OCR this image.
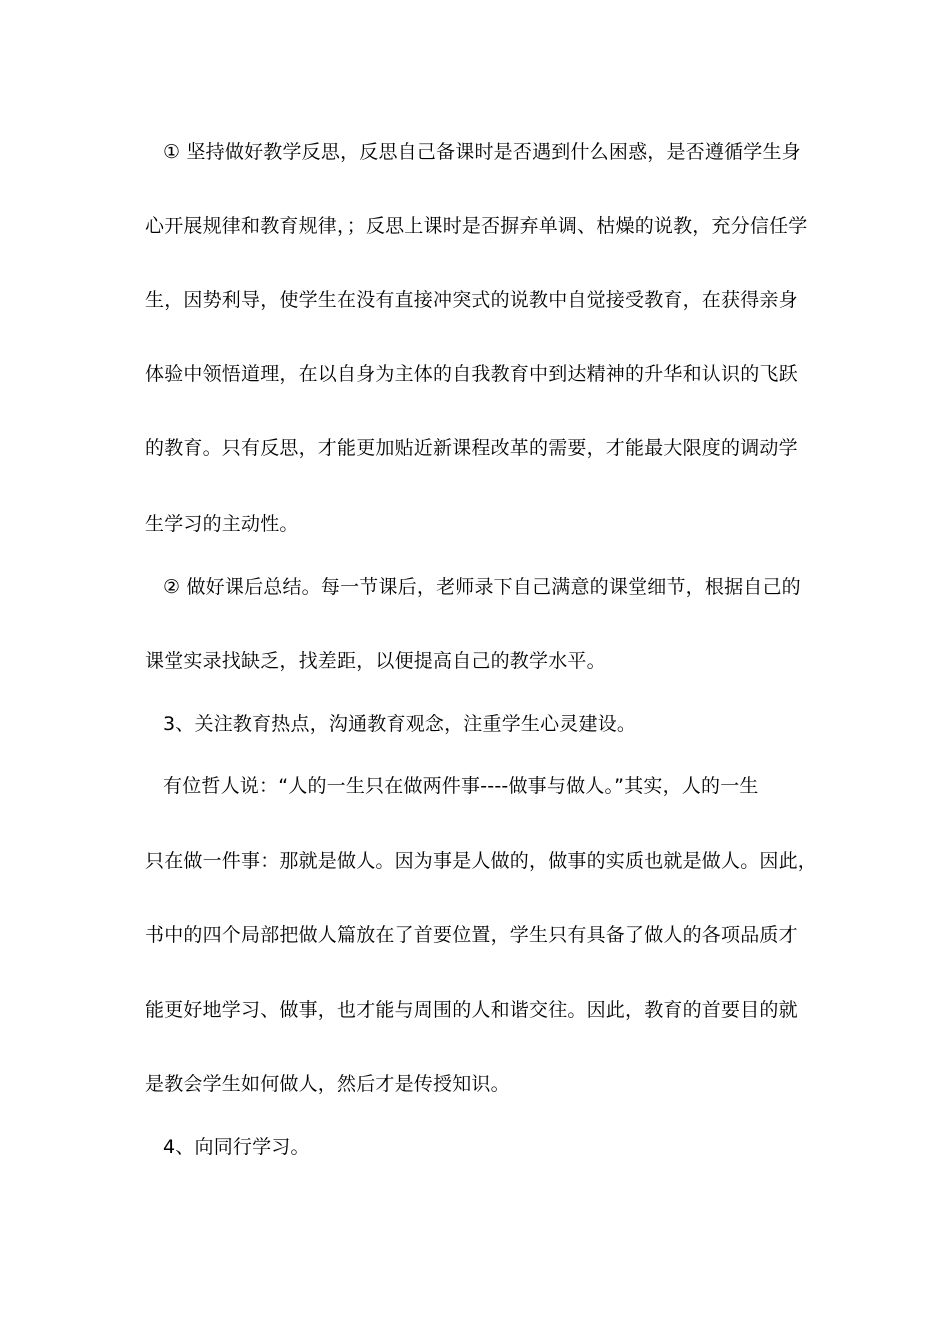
① 坚持做好教学反思，反思自己备课时是否遇到什么困惑，是否遵循学生身
心开展规律和教育规律，；反思上课时是否摒弃单调、枯燥的说教，充分信任学
生，因势利导，使学生在没有直接冲突式的说教中自觉接受教育，在获得亲身
体验中领悟道理，在以自身为主体的自我教育中到达精神的升华和认识的飞跃
的教育。只有反思，才能更加贴近新课程改革的需要，才能最大限度的调动学
生学习的主动性。
② 做好课后总结。每一节课后，老师录下自己满意的课堂细节，根据自己的
课堂实录找缺乏，找差距，以便提高自己的教学水平。
3、关注教育热点，沟通教育观念，注重学生心灵建设。
有位哲人说：“人的一生只在做两件事----做事与做人。”其实，人的一生
只在做一件事：那就是做人。因为事是人做的，做事的实质也就是做人。因此，
书中的四个局部把做人篇放在了首要位置，学生只有具备了做人的各项品质才
能更好地学习、做事，也才能与周围的人和谐交往。因此，教育的首要目的就
是教会学生如何做人，然后才是传授知识。
4、向同行学习。
